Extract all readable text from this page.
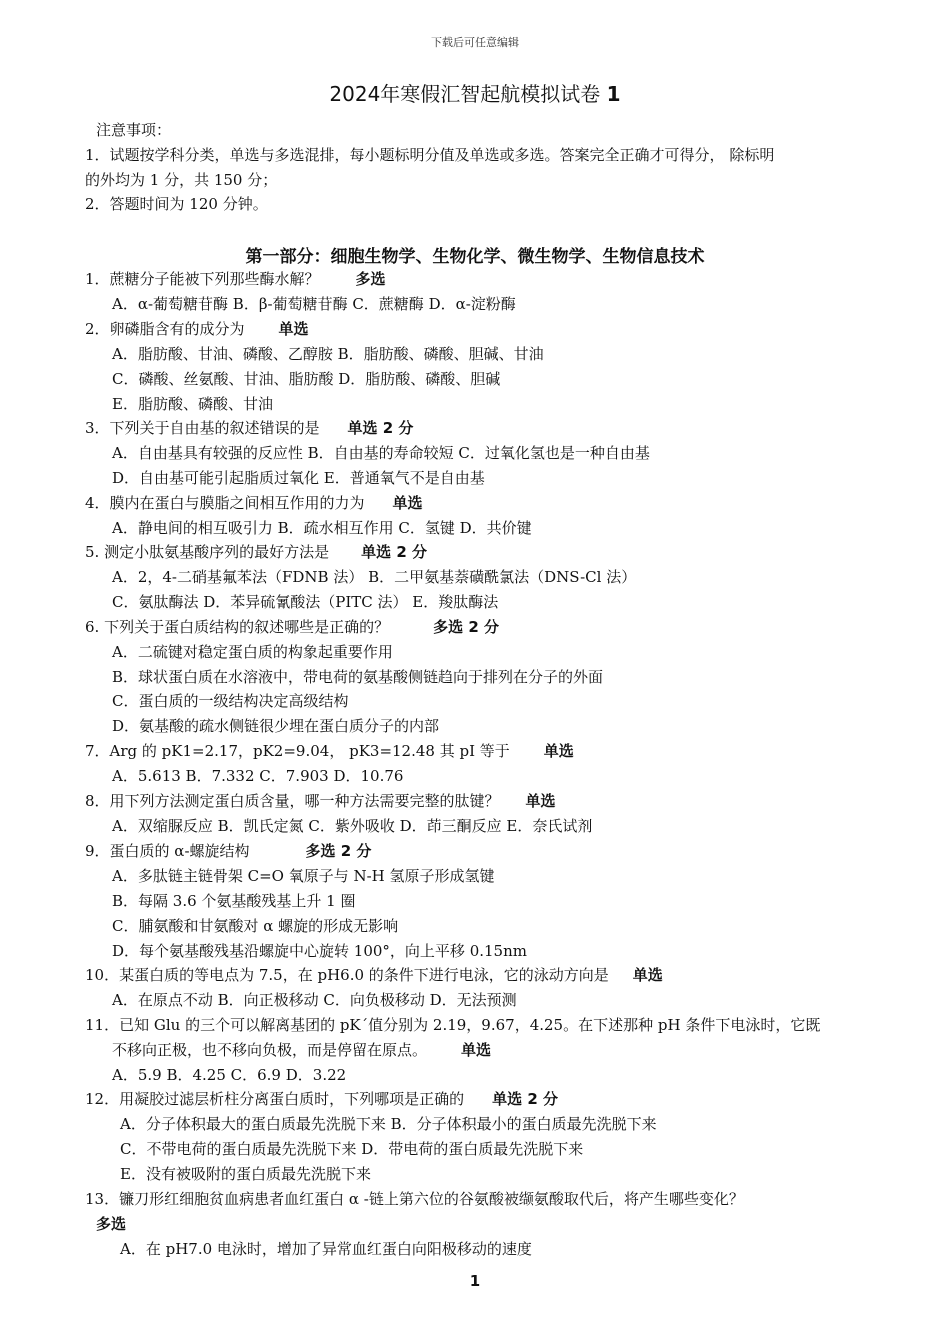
下载后可任意编辑
2024年寒假汇智起航模拟试卷 1
注意事项：
1．试题按学科分类，单选与多选混排，每小题标明分值及单选或多选。答案完全正确才可得分， 除标明
的外均为 1 分，共 150 分；
2．答题时间为 120 分钟。
第一部分：细胞生物学、生物化学、微生物学、生物信息技术
1．蔗糖分子能被下列那些酶水解？ 多选
A．α-葡萄糖苷酶 B．β-葡萄糖苷酶 C．蔗糖酶 D．α-淀粉酶
2．卵磷脂含有的成分为 单选
A．脂肪酸、甘油、磷酸、乙醇胺 B．脂肪酸、磷酸、胆碱、甘油
C．磷酸、丝氨酸、甘油、脂肪酸 D．脂肪酸、磷酸、胆碱
E．脂肪酸、磷酸、甘油
3．下列关于自由基的叙述错误的是 单选 2 分
A．自由基具有较强的反应性 B．自由基的寿命较短 C．过氧化氢也是一种自由基
D．自由基可能引起脂质过氧化 E．普通氧气不是自由基
4．膜内在蛋白与膜脂之间相互作用的力为 单选
A．静电间的相互吸引力 B．疏水相互作用 C．氢键 D．共价键
5. 测定小肽氨基酸序列的最好方法是 单选 2 分
A．2，4-二硝基氟苯法（FDNB 法） B．二甲氨基萘磺酰氯法（DNS-Cl 法）
C．氨肽酶法 D．苯异硫氰酸法（PITC 法） E．羧肽酶法
6. 下列关于蛋白质结构的叙述哪些是正确的？	多选 2 分
A．二硫键对稳定蛋白质的构象起重要作用
B．球状蛋白质在水溶液中，带电荷的氨基酸侧链趋向于排列在分子的外面
C．蛋白质的一级结构决定高级结构
D．氨基酸的疏水侧链很少埋在蛋白质分子的内部
7．Arg 的 pK1=2.17，pK2=9.04， pK3=12.48 其 pI 等于 单选
A．5.613 B．7.332 C．7.903 D．10.76
8．用下列方法测定蛋白质含量，哪一种方法需要完整的肽键？ 单选
A．双缩脲反应 B．凯氏定氮 C．紫外吸收 D．茚三酮反应 E．奈氏试剂
9．蛋白质的 α-螺旋结构	多选 2 分
A．多肽链主链骨架 C=O 氧原子与 N-H 氢原子形成氢键
B．每隔 3.6 个氨基酸残基上升 1 圈
C．脯氨酸和甘氨酸对 α 螺旋的形成无影响
D．每个氨基酸残基沿螺旋中心旋转 100°，向上平移 0.15nm
10．某蛋白质的等电点为 7.5，在 pH6.0 的条件下进行电泳，它的泳动方向是 单选
A．在原点不动 B．向正极移动 C．向负极移动 D．无法预测
11．已知 Glu 的三个可以解离基团的 pK´值分别为 2.19，9.67，4.25。在下述那种 pH 条件下电泳时，它既
不移向正极，也不移向负极，而是停留在原点。 单选
A．5.9 B．4.25 C．6.9 D．3.22
12．用凝胶过滤层析柱分离蛋白质时，下列哪项是正确的 单选 2 分
A．分子体积最大的蛋白质最先洗脱下来 B．分子体积最小的蛋白质最先洗脱下来
C．不带电荷的蛋白质最先洗脱下来 D．带电荷的蛋白质最先洗脱下来
E．没有被吸附的蛋白质最先洗脱下来
13．镰刀形红细胞贫血病患者血红蛋白 α -链上第六位的谷氨酸被缬氨酸取代后，将产生哪些变化？
多选
A．在 pH7.0 电泳时，增加了异常血红蛋白向阳极移动的速度
1
